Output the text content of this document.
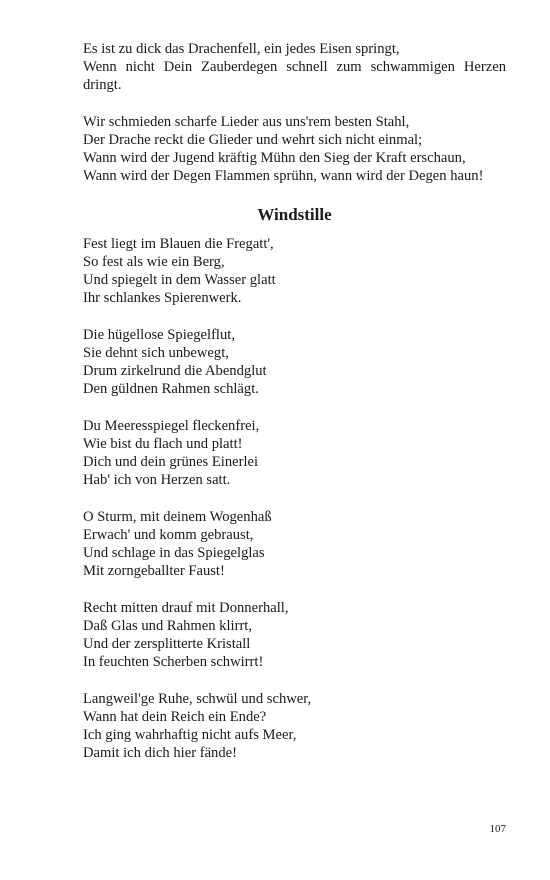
Es ist zu dick das Drachenfell, ein jedes Eisen springt,
Wenn nicht Dein Zauberdegen schnell zum schwammigen Herzen
dringt.
Wir schmieden scharfe Lieder aus uns'rem besten Stahl,
Der Drache reckt die Glieder und wehrt sich nicht einmal;
Wann wird der Jugend kräftig Mühn den Sieg der Kraft erschaun,
Wann wird der Degen Flammen sprühn, wann wird der Degen haun!
Windstille
Fest liegt im Blauen die Fregatt',
So fest als wie ein Berg,
Und spiegelt in dem Wasser glatt
Ihr schlankes Spierenwerk.
Die hügellose Spiegelflut,
Sie dehnt sich unbewegt,
Drum zirkelrund die Abendglut
Den güldnen Rahmen schlägt.
Du Meeresspiegel fleckenfrei,
Wie bist du flach und platt!
Dich und dein grünes Einerlei
Hab' ich von Herzen satt.
O Sturm, mit deinem Wogenhaß
Erwach' und komm gebraust,
Und schlage in das Spiegelglas
Mit zorngeballter Faust!
Recht mitten drauf mit Donnerhall,
Daß Glas und Rahmen klirrt,
Und der zersplitterte Kristall
In feuchten Scherben schwirrt!
Langweil'ge Ruhe, schwül und schwer,
Wann hat dein Reich ein Ende?
Ich ging wahrhaftig nicht aufs Meer,
Damit ich dich hier fände!
107
